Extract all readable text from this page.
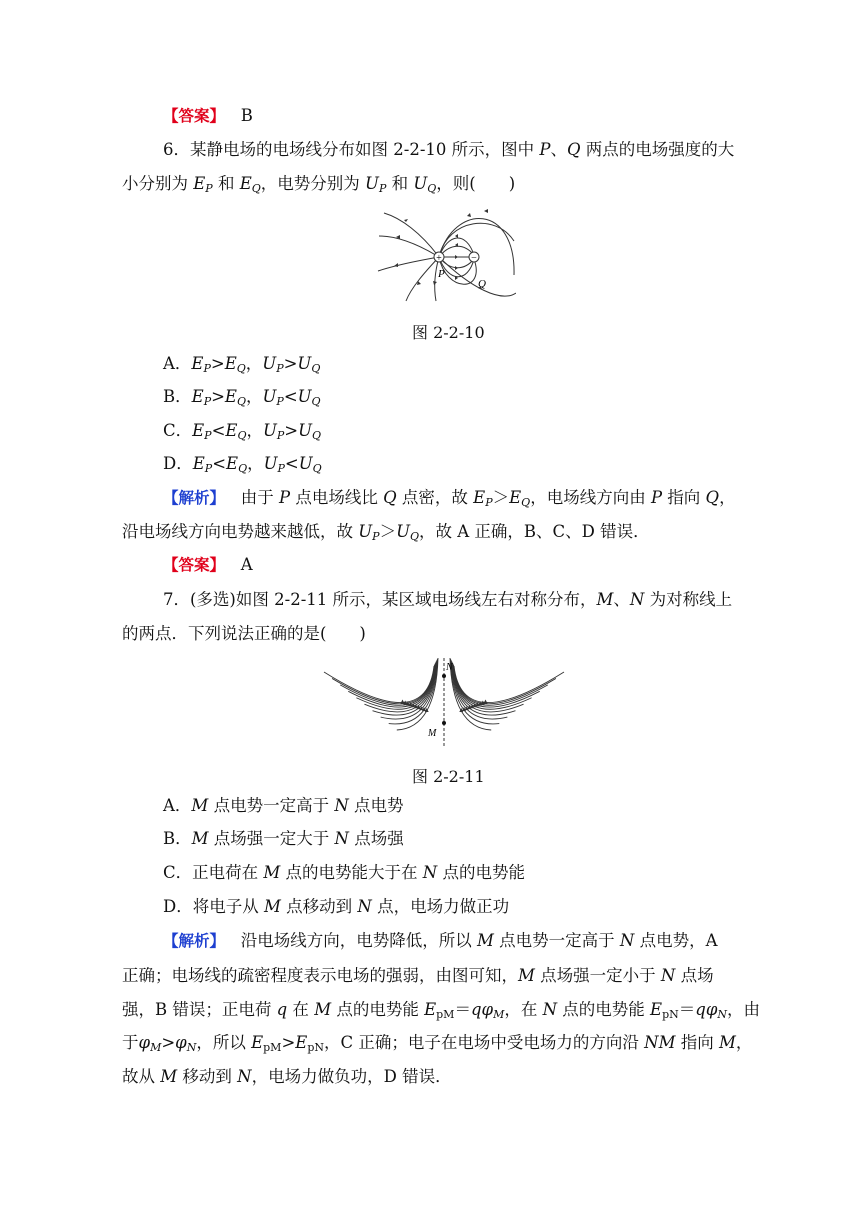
【答案】 B
6．某静电场的电场线分布如图 2-2-10 所示，图中 P、Q 两点的电场强度的大
小分别为 $E_P$ 和 $E_Q$，电势分别为 $U_P$ 和 $U_Q$，则(　　)
+	−
P
Q
图 2-2-10
A．$E_P>E_Q$，$U_P>U_Q$
B．$E_P>E_Q$，$U_P<U_Q$
C．$E_P<E_Q$，$U_P>U_Q$
D．$E_P<E_Q$，$U_P<U_Q$
【解析】 由于 P 点电场线比 Q 点密，故 $E_P>E_Q$，电场线方向由 P 指向 Q，
沿电场线方向电势越来越低，故 $U_P>U_Q$，故 A 正确，B、C、D 错误．
【答案】 A
7．(多选)如图 2-2-11 所示，某区域电场线左右对称分布，M、N 为对称线上
的两点．下列说法正确的是(　　)
N
M
图 2-2-11
A．M 点电势一定高于 N 点电势
B．M 点场强一定大于 N 点场强
C．正电荷在 M 点的电势能大于在 N 点的电势能
D．将电子从 M 点移动到 N 点，电场力做正功
【解析】 沿电场线方向，电势降低，所以 M 点电势一定高于 N 点电势，A
正确；电场线的疏密程度表示电场的强弱，由图可知，M 点场强一定小于 N 点场
强，B 错误；正电荷 q 在 M 点的电势能 $E_{pM}=q\varphi_M$，在 N 点的电势能 $E_{pN}=q\varphi_N$，由
于$\varphi_M>\varphi_N$，所以 $E_{pM}>E_{pN}$，C 正确；电子在电场中受电场力的方向沿 NM 指向 M，
故从 M 移动到 N，电场力做负功，D 错误．
